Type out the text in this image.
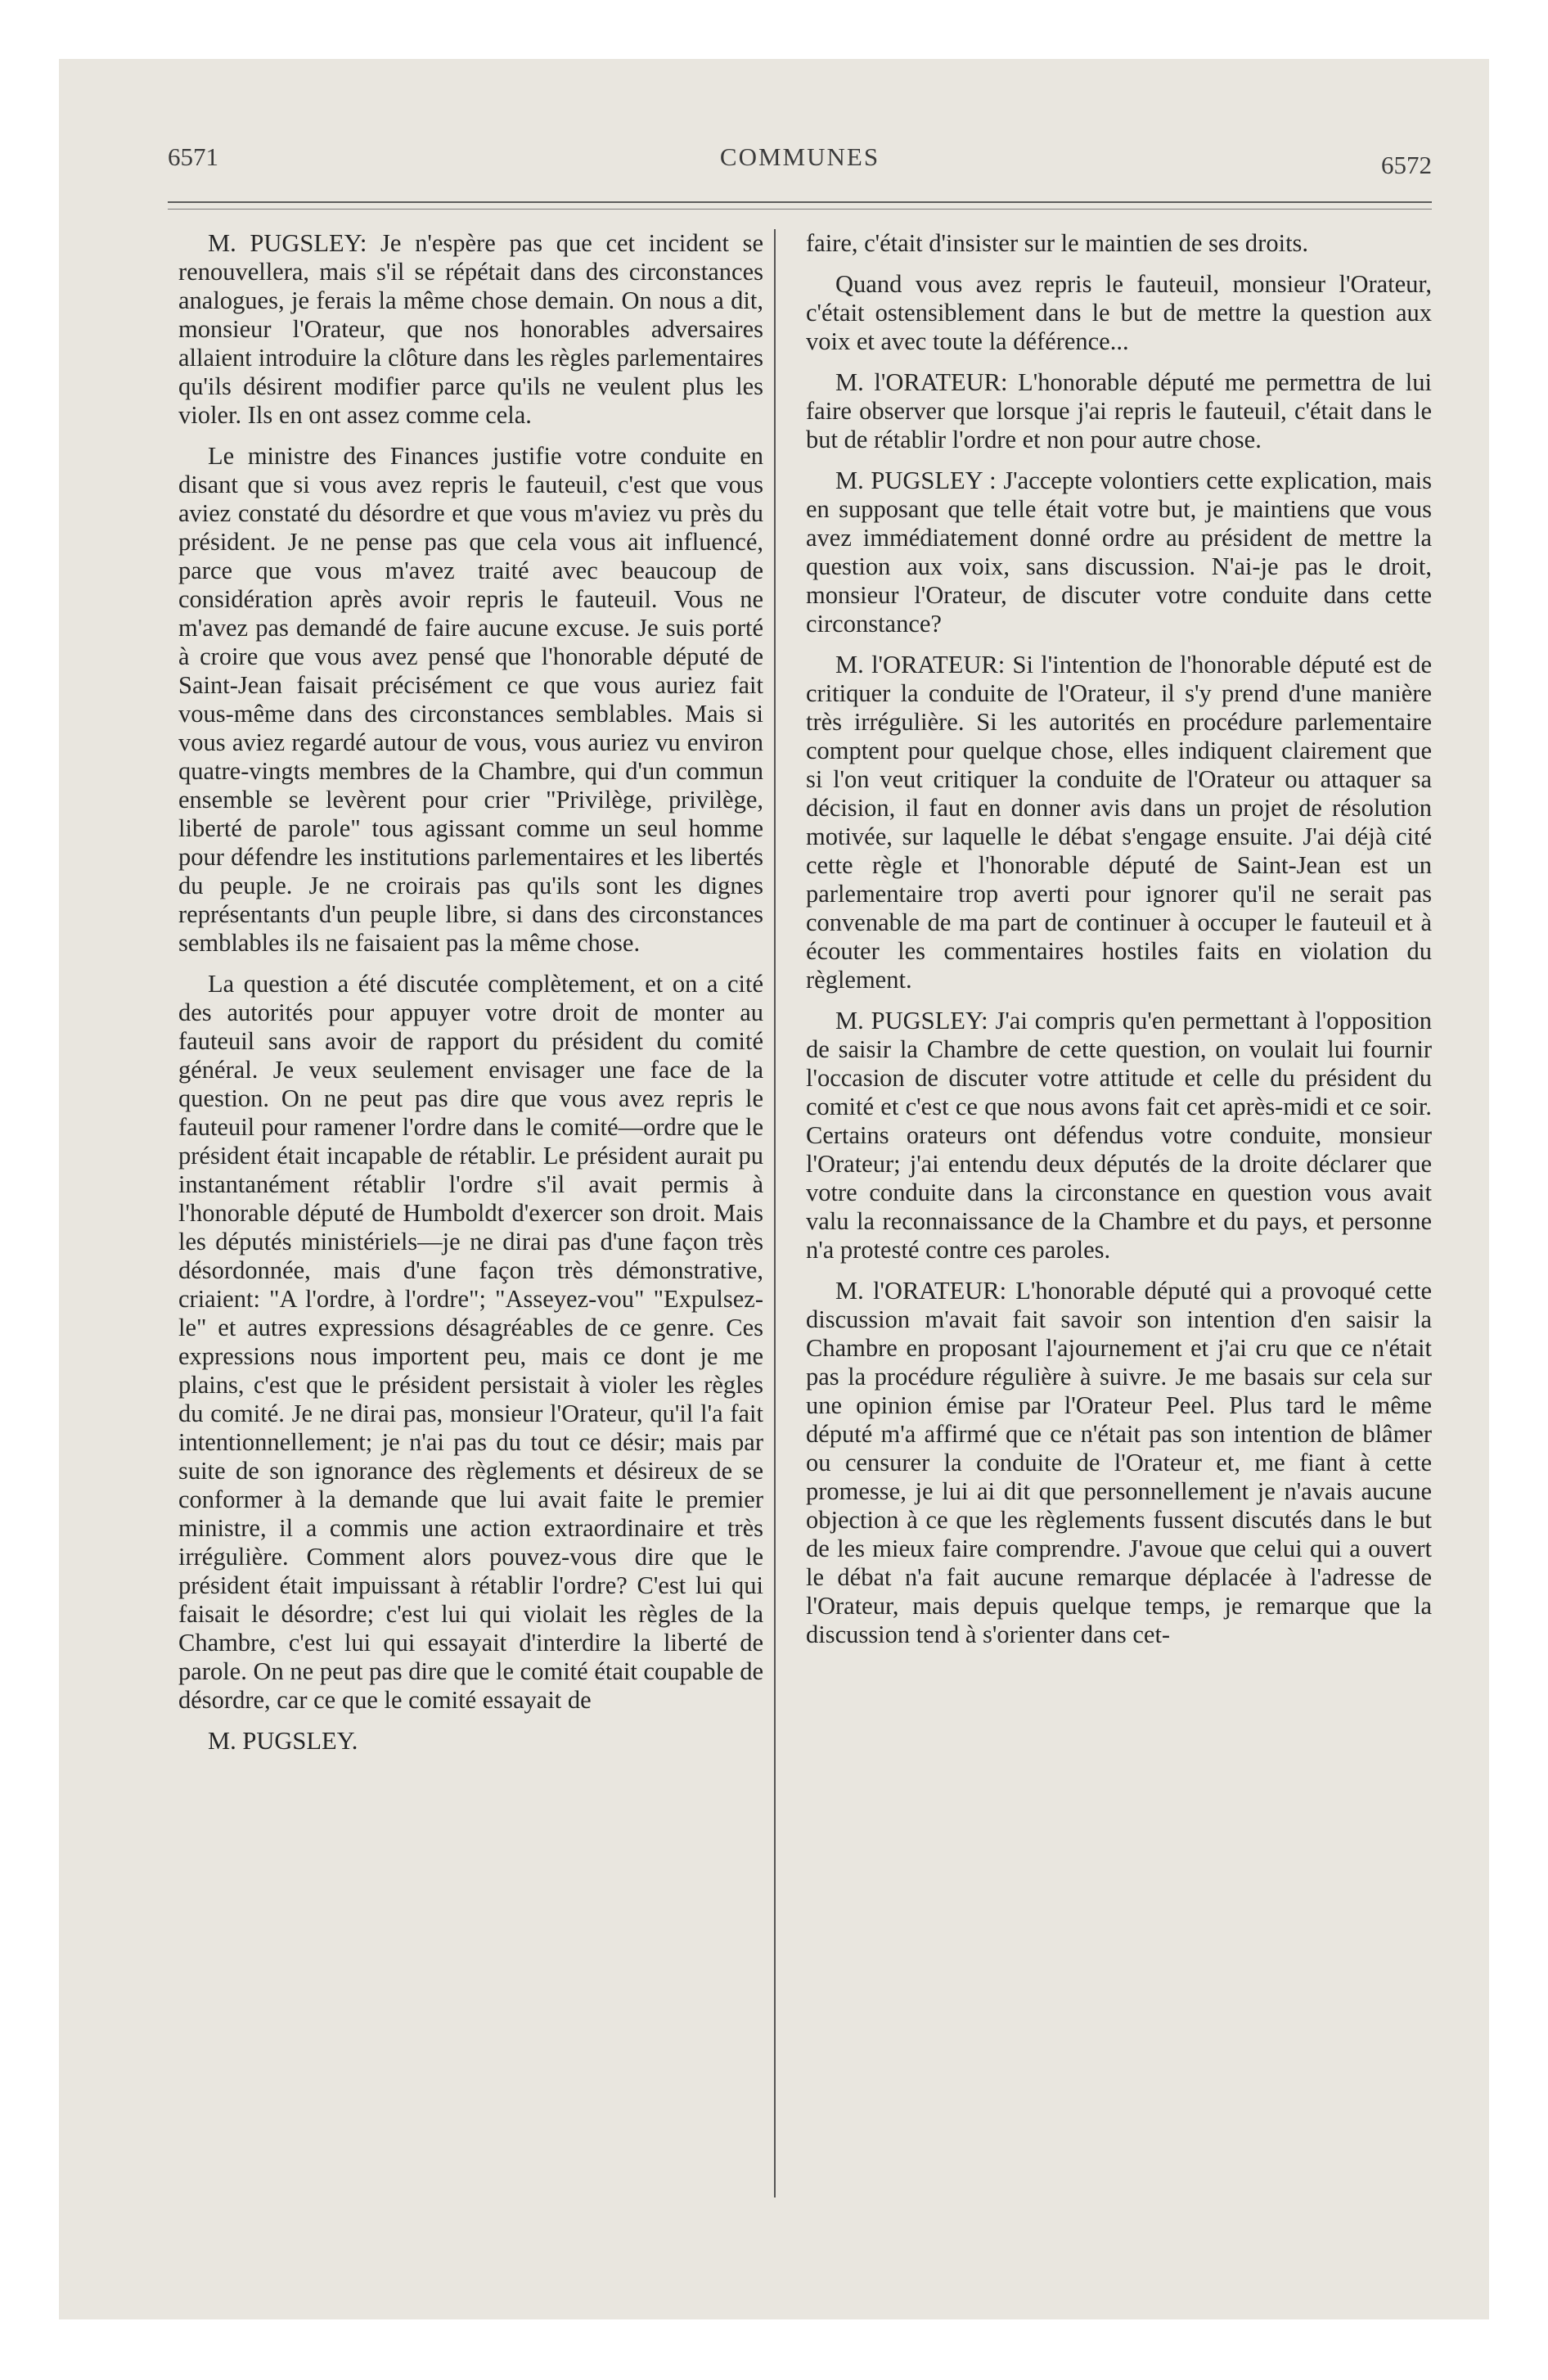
6571	COMMUNES	6572

M. PUGSLEY: Je n'espère pas que cet incident se renouvellera, mais s'il se répétait dans des circonstances analogues, je ferais la même chose demain. On nous a dit, monsieur l'Orateur, que nos honorables adversaires allaient introduire la clôture dans les règles parlementaires qu'ils désirent modifier parce qu'ils ne veulent plus les violer. Ils en ont assez comme cela.

Le ministre des Finances justifie votre conduite en disant que si vous avez repris le fauteuil, c'est que vous aviez constaté du désordre et que vous m'aviez vu près du président. Je ne pense pas que cela vous ait influencé, parce que vous m'avez traité avec beaucoup de considération après avoir repris le fauteuil. Vous ne m'avez pas demandé de faire aucune excuse. Je suis porté à croire que vous avez pensé que l'honorable député de Saint-Jean faisait précisément ce que vous auriez fait vous-même dans des circonstances semblables. Mais si vous aviez regardé autour de vous, vous auriez vu environ quatre-vingts membres de la Chambre, qui d'un commun ensemble se levèrent pour crier "Privilège, privilège, liberté de parole" tous agissant comme un seul homme pour défendre les institutions parlementaires et les libertés du peuple. Je ne croirais pas qu'ils sont les dignes représentants d'un peuple libre, si dans des circonstances semblables ils ne faisaient pas la même chose.

La question a été discutée complètement, et on a cité des autorités pour appuyer votre droit de monter au fauteuil sans avoir de rapport du président du comité général. Je veux seulement envisager une face de la question. On ne peut pas dire que vous avez repris le fauteuil pour ramener l'ordre dans le comité—ordre que le président était incapable de rétablir. Le président aurait pu instantanément rétablir l'ordre s'il avait permis à l'honorable député de Humboldt d'exercer son droit. Mais les députés ministériels—je ne dirai pas d'une façon très désordonnée, mais d'une façon très démonstrative, criaient: "A l'ordre, à l'ordre"; "Asseyez-vou" "Expulsez-le" et autres expressions désagréables de ce genre. Ces expressions nous importent peu, mais ce dont je me plains, c'est que le président persistait à violer les règles du comité. Je ne dirai pas, monsieur l'Orateur, qu'il l'a fait intentionnellement; je n'ai pas du tout ce désir; mais par suite de son ignorance des règlements et désireux de se conformer à la demande que lui avait faite le premier ministre, il a commis une action extraordinaire et très irrégulière. Comment alors pouvez-vous dire que le président était impuissant à rétablir l'ordre? C'est lui qui faisait le désordre; c'est lui qui violait les règles de la Chambre, c'est lui qui essayait d'interdire la liberté de parole. On ne peut pas dire que le comité était coupable de désordre, car ce que le comité essayait de

M. PUGSLEY.

faire, c'était d'insister sur le maintien de ses droits.

Quand vous avez repris le fauteuil, monsieur l'Orateur, c'était ostensiblement dans le but de mettre la question aux voix et avec toute la déférence...

M. l'ORATEUR: L'honorable député me permettra de lui faire observer que lorsque j'ai repris le fauteuil, c'était dans le but de rétablir l'ordre et non pour autre chose.

M. PUGSLEY : J'accepte volontiers cette explication, mais en supposant que telle était votre but, je maintiens que vous avez immédiatement donné ordre au président de mettre la question aux voix, sans discussion. N'ai-je pas le droit, monsieur l'Orateur, de discuter votre conduite dans cette circonstance?

M. l'ORATEUR: Si l'intention de l'honorable député est de critiquer la conduite de l'Orateur, il s'y prend d'une manière très irrégulière. Si les autorités en procédure parlementaire comptent pour quelque chose, elles indiquent clairement que si l'on veut critiquer la conduite de l'Orateur ou attaquer sa décision, il faut en donner avis dans un projet de résolution motivée, sur laquelle le débat s'engage ensuite. J'ai déjà cité cette règle et l'honorable député de Saint-Jean est un parlementaire trop averti pour ignorer qu'il ne serait pas convenable de ma part de continuer à occuper le fauteuil et à écouter les commentaires hostiles faits en violation du règlement.

M. PUGSLEY: J'ai compris qu'en permettant à l'opposition de saisir la Chambre de cette question, on voulait lui fournir l'occasion de discuter votre attitude et celle du président du comité et c'est ce que nous avons fait cet après-midi et ce soir. Certains orateurs ont défendus votre conduite, monsieur l'Orateur; j'ai entendu deux députés de la droite déclarer que votre conduite dans la circonstance en question vous avait valu la reconnaissance de la Chambre et du pays, et personne n'a protesté contre ces paroles.

M. l'ORATEUR: L'honorable député qui a provoqué cette discussion m'avait fait savoir son intention d'en saisir la Chambre en proposant l'ajournement et j'ai cru que ce n'était pas la procédure régulière à suivre. Je me basais sur cela sur une opinion émise par l'Orateur Peel. Plus tard le même député m'a affirmé que ce n'était pas son intention de blâmer ou censurer la conduite de l'Orateur et, me fiant à cette promesse, je lui ai dit que personnellement je n'avais aucune objection à ce que les règlements fussent discutés dans le but de les mieux faire comprendre. J'avoue que celui qui a ouvert le débat n'a fait aucune remarque déplacée à l'adresse de l'Orateur, mais depuis quelque temps, je remarque que la discussion tend à s'orienter dans cet-
